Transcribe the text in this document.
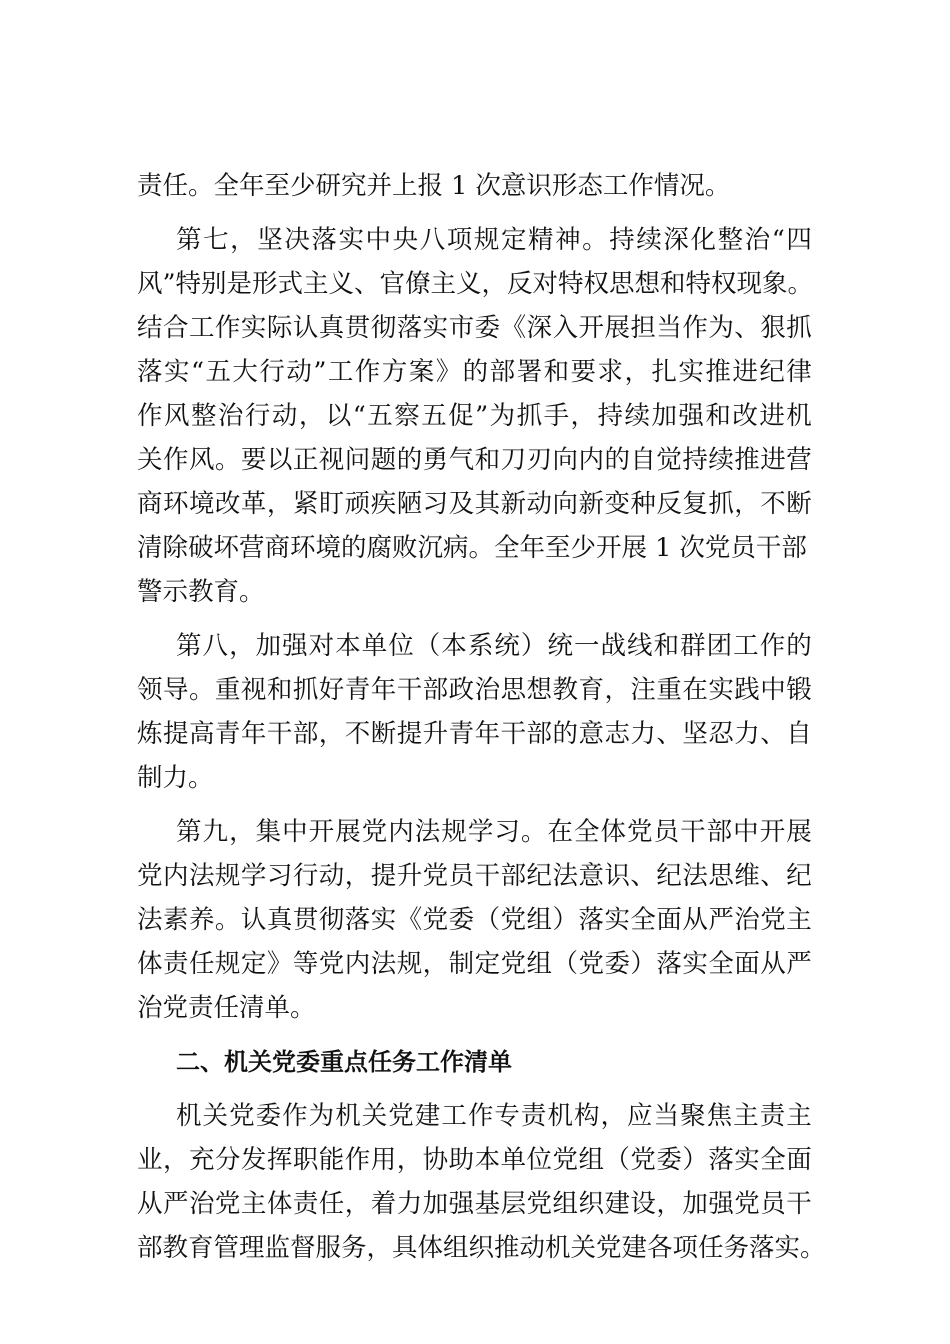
责任。全年至少研究并上报 1 次意识形态工作情况。
第 七 ， 坚 决 落 实 中 央 八 项 规 定 精 神 。 持 续 深 化 整 治 “ 四
风”特别是形式主义、官僚主义，反对特权思想和特权现象。
结 合 工 作 实 际 认 真 贯 彻 落 实 市 委 《 深 入 开 展 担 当 作 为 、 狠 抓
落 实 “ 五 大 行 动 ” 工 作 方 案 》 的 部 署 和 要 求 ， 扎 实 推 进 纪 律
作 风 整 治 行 动 ， 以 “ 五 察 五 促 ” 为 抓 手 ， 持 续 加 强 和 改 进 机
关 作 风 。 要 以 正 视 问 题 的 勇 气 和 刀 刃 向 内 的 自 觉 持 续 推 进 营
商 环 境 改 革 ， 紧 盯 顽 疾 陋 习 及 其 新 动 向 新 变 种 反 复 抓 ， 不 断
清除破坏营商环境的腐败沉病。全年至少开展 1 次党员干部
警示教育。
第 八 ， 加 强 对 本 单 位 （ 本 系 统 ） 统 一 战 线 和 群 团 工 作 的
领 导 。 重 视 和 抓 好 青 年 干 部 政 治 思 想 教 育 ， 注 重 在 实 践 中 锻
炼 提 高 青 年 干 部 ， 不 断 提 升 青 年 干 部 的 意 志 力 、 坚 忍 力 、 自
制力。
第 九 ， 集 中 开 展 党 内 法 规 学 习 。 在 全 体 党 员 干 部 中 开 展
党 内 法 规 学 习 行 动 ， 提 升 党 员 干 部 纪 法 意 识 、 纪 法 思 维 、 纪
法 素 养 。 认 真 贯 彻 落 实 《 党 委 （ 党 组 ） 落 实 全 面 从 严 治 党 主
体 责 任 规 定 》 等 党 内 法 规 ， 制 定 党 组 （ 党 委 ） 落 实 全 面 从 严
治党责任清单。
二、机关党委重点任务工作清单
机 关 党 委 作 为 机 关 党 建 工 作 专 责 机 构 ， 应 当 聚 焦 主 责 主
业 ， 充 分 发 挥 职 能 作 用 ， 协 助 本 单 位 党 组 （ 党 委 ） 落 实 全 面
从 严 治 党 主 体 责 任 ， 着 力 加 强 基 层 党 组 织 建 设 ， 加 强 党 员 干
部教育管理监督服务，具体组织推动机关党建各项任务落实。
